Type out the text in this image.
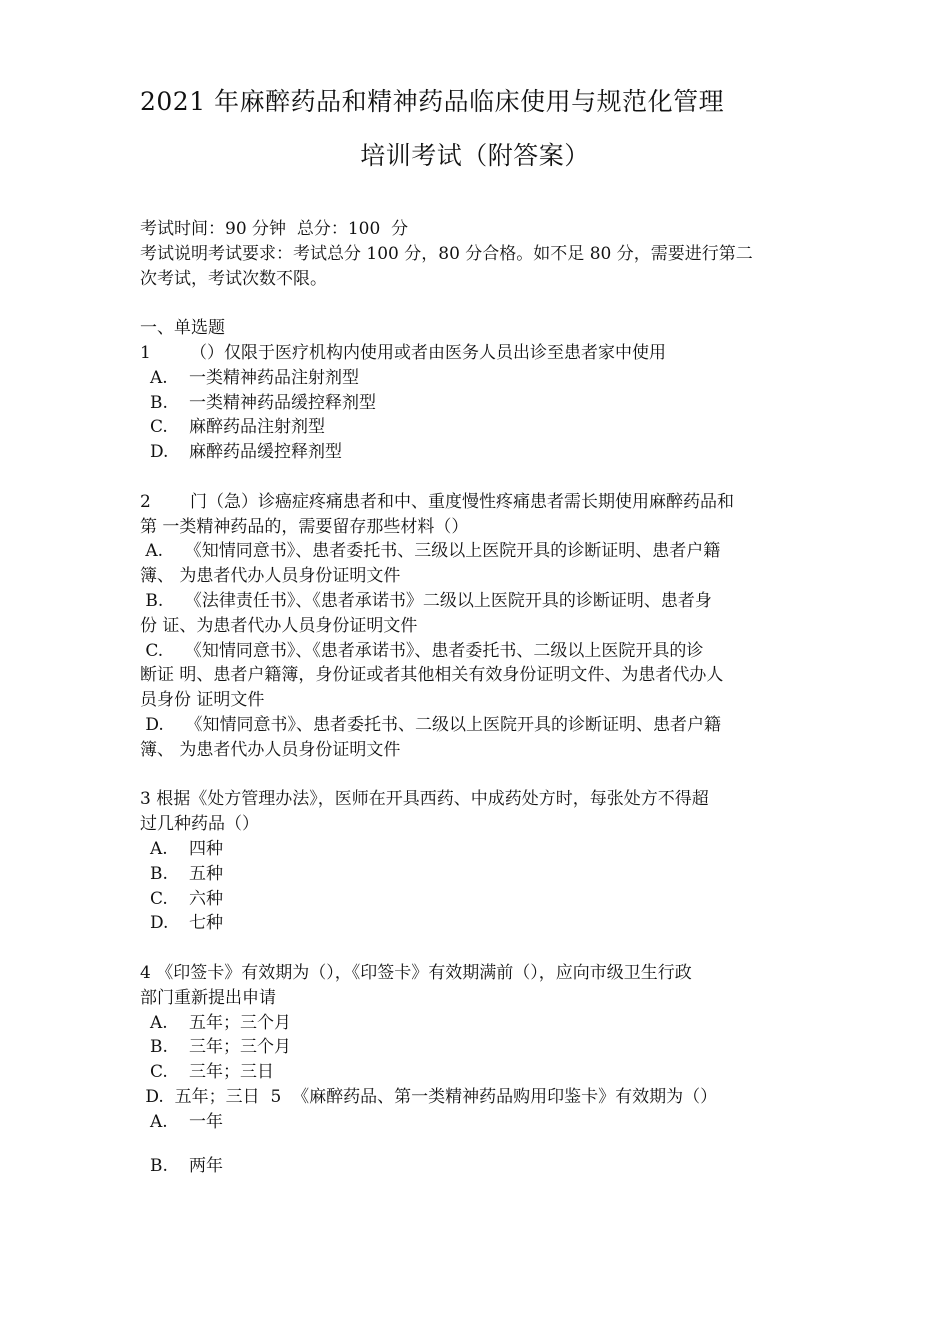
2021 年麻醉药品和精神药品临床使用与规范化管理
培训考试（附答案）
考试时间：90 分钟  总分：100  分
考试说明考试要求：考试总分 100 分，80 分合格。如不足 80 分，需要进行第二
次考试，考试次数不限。
一、单选题
1 （）仅限于医疗机构内使用或者由医务人员出诊至患者家中使用
A. 一类精神药品注射剂型
B. 一类精神药品缓控释剂型
C. 麻醉药品注射剂型
D. 麻醉药品缓控释剂型
2 门（急）诊癌症疼痛患者和中、重度慢性疼痛患者需长期使用麻醉药品和
第 一类精神药品的，需要留存那些材料（）
A.    《知情同意书》、患者委托书、三级以上医院开具的诊断证明、患者户籍
簿、 为患者代办人员身份证明文件
B.    《法律责任书》、《患者承诺书》二级以上医院开具的诊断证明、患者身
份 证、为患者代办人员身份证明文件
C.    《知情同意书》、《患者承诺书》、患者委托书、二级以上医院开具的诊
断证 明、患者户籍簿，身份证或者其他相关有效身份证明文件、为患者代办人
员身份 证明文件
D.    《知情同意书》、患者委托书、二级以上医院开具的诊断证明、患者户籍
簿、 为患者代办人员身份证明文件
3 根据《处方管理办法》，医师在开具西药、中成药处方时，每张处方不得超
过几种药品（）
A. 四种
B. 五种
C. 六种
D. 七种
4 《印签卡》有效期为（），《印签卡》有效期满前（），应向市级卫生行政
部门重新提出申请
A. 五年；三个月
B. 三年；三个月
C. 三年；三日
D.  五年；三日  5  《麻醉药品、第一类精神药品购用印鉴卡》有效期为（）
A. 一年
B. 两年
